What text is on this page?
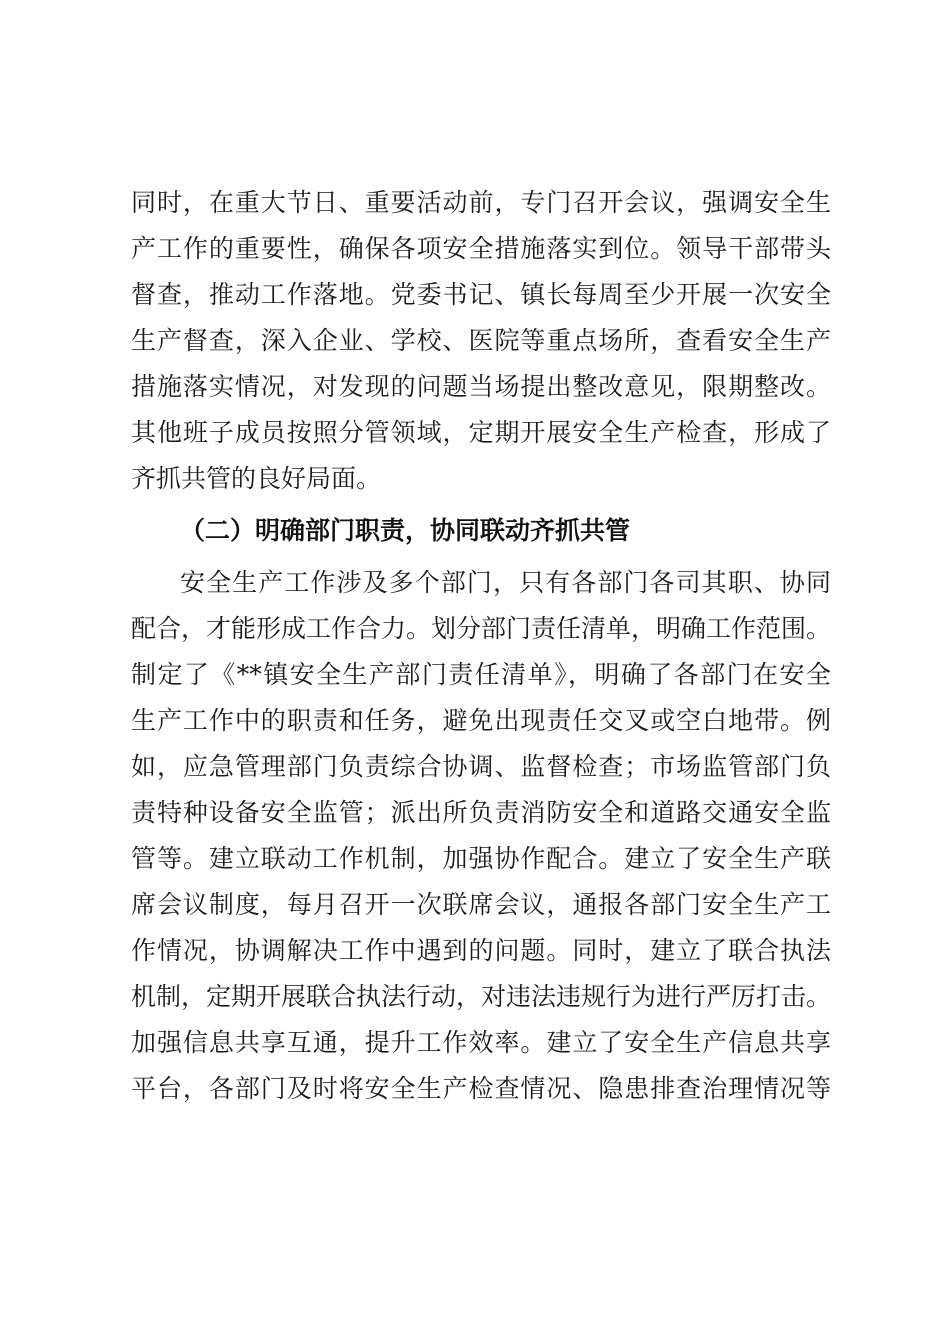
同时，在重大节日、重要活动前，专门召开会议，强调安全生
产工作的重要性，确保各项安全措施落实到位。领导干部带头
督查，推动工作落地。党委书记、镇长每周至少开展一次安全
生产督查，深入企业、学校、医院等重点场所，查看安全生产
措施落实情况，对发现的问题当场提出整改意见，限期整改。
其他班子成员按照分管领域，定期开展安全生产检查，形成了
齐抓共管的良好局面。
（二）明确部门职责，协同联动齐抓共管
安全生产工作涉及多个部门，只有各部门各司其职、协同
配合，才能形成工作合力。划分部门责任清单，明确工作范围。
制定了《**镇安全生产部门责任清单》，明确了各部门在安全
生产工作中的职责和任务，避免出现责任交叉或空白地带。例
如，应急管理部门负责综合协调、监督检查；市场监管部门负
责特种设备安全监管；派出所负责消防安全和道路交通安全监
管等。建立联动工作机制，加强协作配合。建立了安全生产联
席会议制度，每月召开一次联席会议，通报各部门安全生产工
作情况，协调解决工作中遇到的问题。同时，建立了联合执法
机制，定期开展联合执法行动，对违法违规行为进行严厉打击。
加强信息共享互通，提升工作效率。建立了安全生产信息共享
平台，各部门及时将安全生产检查情况、隐患排查治理情况等
